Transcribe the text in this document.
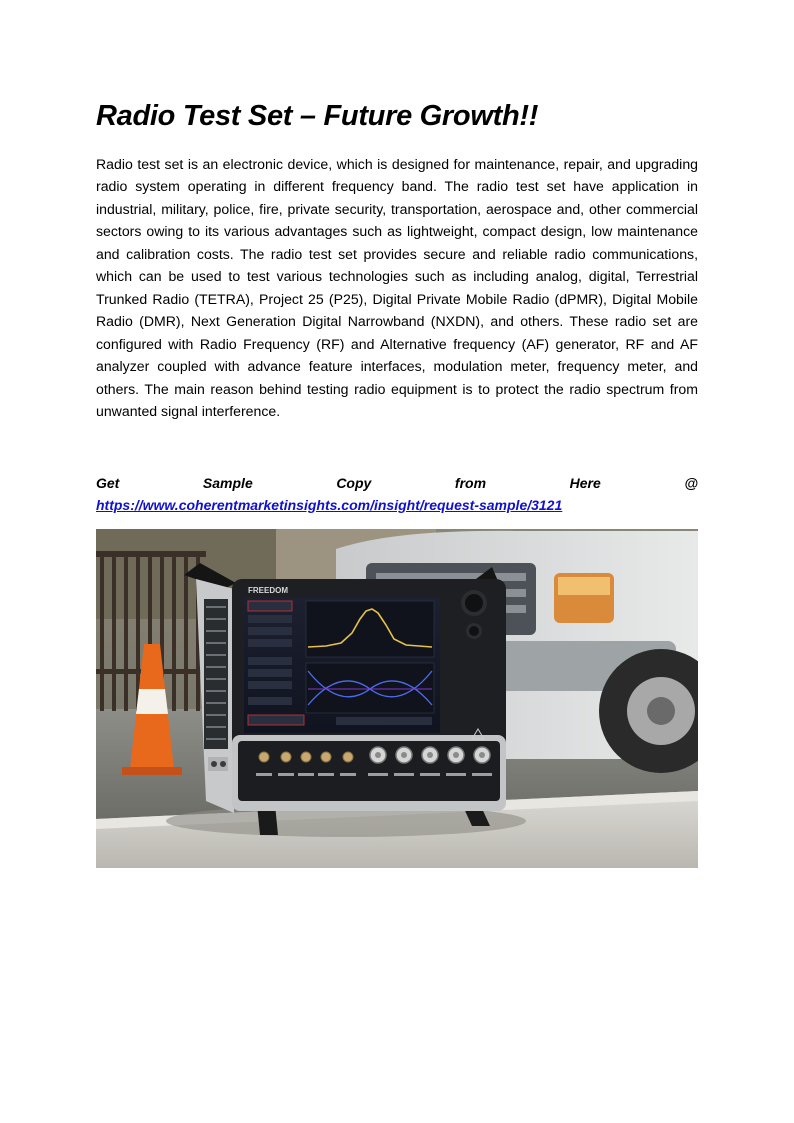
Radio Test Set – Future Growth!!

Radio test set is an electronic device, which is designed for maintenance, repair, and upgrading radio system operating in different frequency band. The radio test set have application in industrial, military, police, fire, private security, transportation, aerospace and, other commercial sectors owing to its various advantages such as lightweight, compact design, low maintenance and calibration costs. The radio test set provides secure and reliable radio communications, which can be used to test various technologies such as including analog, digital, Terrestrial Trunked Radio (TETRA), Project 25 (P25), Digital Private Mobile Radio (dPMR), Digital Mobile Radio (DMR), Next Generation Digital Narrowband (NXDN), and others. These radio set are configured with Radio Frequency (RF) and Alternative frequency (AF) generator, RF and AF analyzer coupled with advance feature interfaces, modulation meter, frequency meter, and others. The main reason behind testing radio equipment is to protect the radio spectrum from unwanted signal interference.

Get Sample Copy from Here @ https://www.coherentmarketinsights.com/insight/request-sample/3121

FREEDOM
